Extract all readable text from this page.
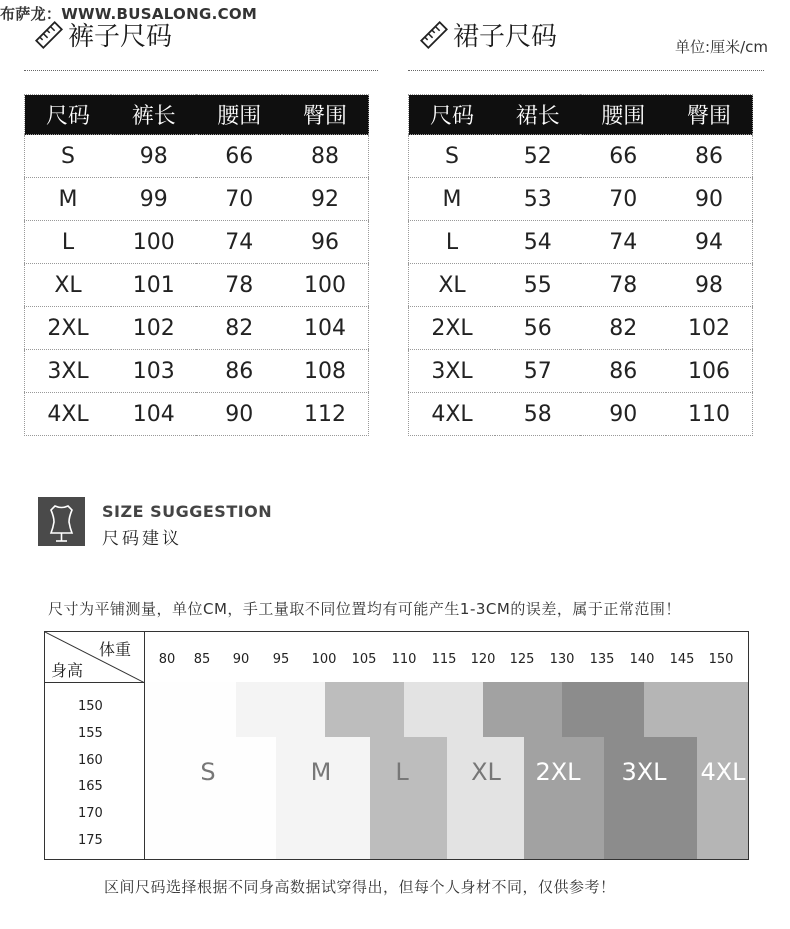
布萨龙：WWW.BUSALONG.COM
裤子尺码	裙子尺码	单位:厘米/cm
尺码	裤长	腰围	臀围
S	98	66	88
M	99	70	92
L	100	74	96
XL	101	78	100
2XL	102	82	104
3XL	103	86	108
4XL	104	90	112
尺码	裙长	腰围	臀围
S	52	66	86
M	53	70	90
L	54	74	94
XL	55	78	98
2XL	56	82	102
3XL	57	86	106
4XL	58	90	110
SIZE SUGGESTION
尺码建议
尺寸为平铺测量，单位CM，手工量取不同位置均有可能产生1-3CM的误差，属于正常范围！
体重
身高
80 85 90 95 100 105 110 115 120 125 130 135 140 145 150
150
155
160
165
170
175
S	M	L	XL 2XL 3XL 4XL
区间尺码选择根据不同身高数据试穿得出，但每个人身材不同，仅供参考！
